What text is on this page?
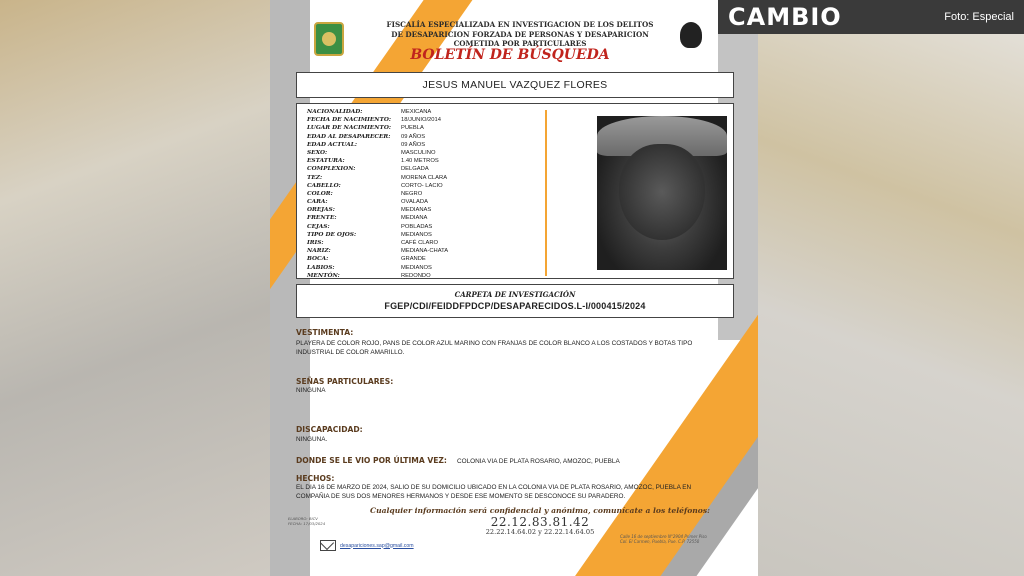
FISCALÍA ESPECIALIZADA EN INVESTIGACION DE LOS DELITOS
DE DESAPARICION FORZADA DE PERSONAS Y DESAPARICION
COMETIDA POR PARTICULARES
BOLETÍN DE BÚSQUEDA
JESUS MANUEL VAZQUEZ FLORES
NACIONALIDAD:	MEXICANA
FECHA DE NACIMIENTO:	18/JUNIO/2014
LUGAR DE NACIMIENTO:	PUEBLA
EDAD AL DESAPARECER:	09 AÑOS
EDAD ACTUAL:	09 AÑOS
SEXO:	MASCULINO
ESTATURA:	1.40 METROS
COMPLEXION:	DELGADA
TEZ:	MORENA CLARA
CABELLO:	CORTO- LACIO
COLOR:	NEGRO
CARA:	OVALADA
OREJAS:	MEDIANAS
FRENTE:	MEDIANA
CEJAS:	POBLADAS
TIPO DE OJOS:	MEDIANOS
IRIS:	CAFÉ CLARO
NARIZ:	MEDIANA-CHATA
BOCA:	GRANDE
LABIOS:	MEDIANOS
MENTÓN:	REDONDO
CARPETA DE INVESTIGACIÓN
FGEP/CDI/FEIDDFPDCP/DESAPARECIDOS.L-I/000415/2024
VESTIMENTA:
PLAYERA DE COLOR ROJO, PANS DE COLOR AZUL MARINO CON FRANJAS DE COLOR BLANCO A LOS COSTADOS Y BOTAS TIPO INDUSTRIAL DE COLOR AMARILLO.
SEÑAS PARTICULARES:
NINGUNA
DISCAPACIDAD:
NINGUNA.
DONDE SE LE VIO POR ÚLTIMA VEZ: COLONIA VIA DE PLATA ROSARIO, AMOZOC, PUEBLA
HECHOS:
EL DIA 16 DE MARZO DE 2024, SALIO DE SU DOMICILIO UBICADO EN LA COLONIA VIA DE PLATA ROSARIO, AMOZOC, PUEBLA EN COMPAÑIA DE SUS DOS MENORES HERMANOS Y DESDE ESE MOMENTO SE DESCONOCE SU PARADERO.
ELABORO: BICV
FECHA: 17/03/2024
Cualquier información será confidencial y anónima, comunícate a los teléfonos:
22.12.83.81.42
22.22.14.64.02 y 22.22.14.64.05
desapariciones.sap@gmail.com
Calle 16 de septiembre N°2904 Primer Piso
Col. El Carmen, Puebla, Pue. C.P. 72550
CAMBIO	Foto: Especial
